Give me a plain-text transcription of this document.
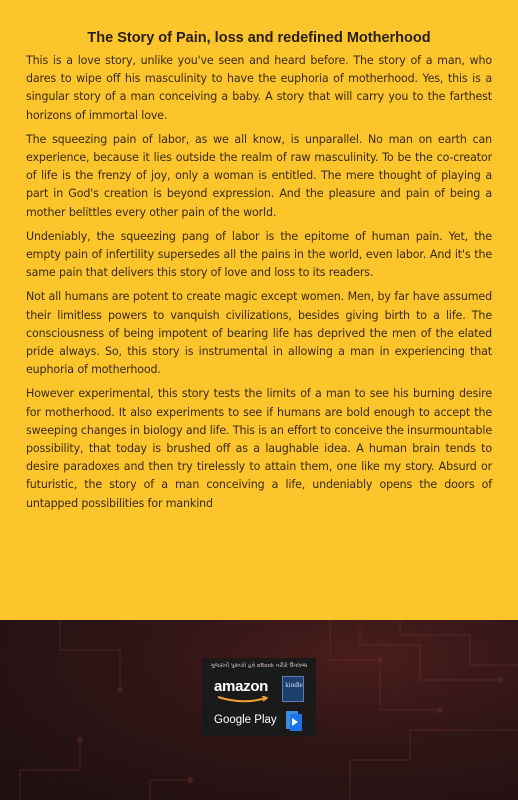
The Story of Pain, loss and redefined Motherhood

This is a love story, unlike you've seen and heard before. The story of a man, who dares to wipe off his masculinity to have the euphoria of motherhood. Yes, this is a singular story of a man conceiving a baby. A story that will carry you to the farthest horizons of immortal love.

The squeezing pain of labor, as we all know, is unparallel. No man on earth can experience, because it lies outside the realm of raw masculinity. To be the co-creator of life is the frenzy of joy, only a woman is entitled. The mere thought of playing a part in God's creation is beyond expression. And the pleasure and pain of being a mother belittles every other pain of the world.

Undeniably, the squeezing pang of labor is the epitome of human pain. Yet, the empty pain of infertility supersedes all the pains in the world, even labor. And it's the same pain that delivers this story of love and loss to its readers.

Not all humans are potent to create magic except women. Men, by far have assumed their limitless powers to vanquish civilizations, besides giving birth to a life. The consciousness of being impotent of bearing life has deprived the men of the elated pride always. So, this story is instrumental in allowing a man in experiencing that euphoria of motherhood.

However experimental, this story tests the limits of a man to see his burning desire for motherhood. It also experiments to see if humans are bold enough to accept the sweeping changes in biology and life. This is an effort to conceive the insurmountable possibility, that today is brushed off as a laughable idea. A human brain tends to desire paradoxes and then try tirelessly to attain them, one like my story. Absurd or futuristic, the story of a man conceiving a life, undeniably opens the doors of untapped possibilities for mankind

ગુજરાતી પુસ્તકો હવે eBook તરીકે ઉપલબ્ધ
amazon kindle
Google Play
